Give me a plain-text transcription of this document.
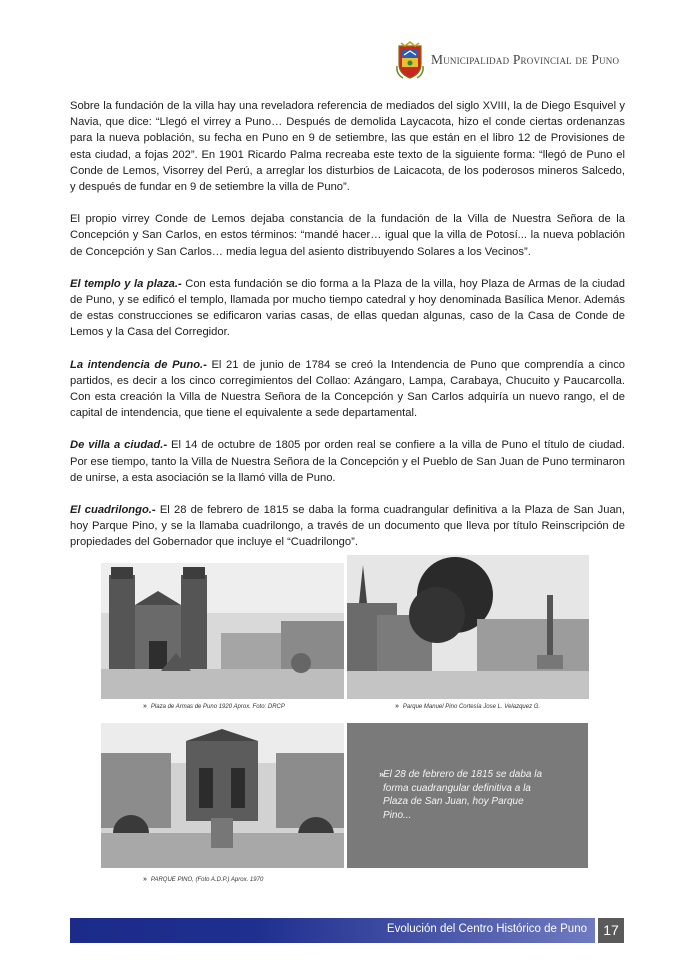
Municipalidad Provincial de Puno

Sobre la fundación de la villa hay una reveladora referencia de mediados del siglo XVIII, la de Diego Esquivel y Navia, que dice: “Llegó el virrey a Puno… Después de demolida Laycacota, hizo el conde ciertas ordenanzas para la nueva población, su fecha en Puno en 9 de setiembre, las que están en el libro 12 de Provisiones de esta ciudad, a fojas 202”. En 1901 Ricardo Palma recreaba este texto de la siguiente forma: “llegó de Puno el Conde de Lemos, Visorrey del Perú, a arreglar los disturbios de Laicacota, de los poderosos mineros Salcedo, y después de fundar en 9 de setiembre la villa de Puno”.

El propio virrey Conde de Lemos dejaba constancia de la fundación de la Villa de Nuestra Señora de la Concepción y San Carlos, en estos términos: “mandé hacer… igual que la villa de Potosí... la nueva población de Concepción y San Carlos… media legua del asiento distribuyendo Solares a los Vecinos”.

El templo y la plaza.- Con esta fundación se dio forma a la Plaza de la villa, hoy Plaza de Armas de la ciudad de Puno, y se edificó el templo, llamada por mucho tiempo catedral y hoy denominada Basílica Menor. Además de estas construcciones se edificaron varias casas, de ellas quedan algunas, caso de la Casa de Conde de Lemos y la Casa del Corregidor.

La intendencia de Puno.- El 21 de junio de 1784 se creó la Intendencia de Puno que comprendía a cinco partidos, es decir a los cinco corregimientos del Collao: Azángaro, Lampa, Carabaya, Chucuito y Paucarcolla. Con esta creación la Villa de Nuestra Señora de la Concepción y San Carlos adquiría un nuevo rango, el de capital de intendencia, que tiene el equivalente a sede departamental.

De villa a ciudad.- El 14 de octubre de 1805 por orden real se confiere a la villa de Puno el título de ciudad. Por ese tiempo, tanto la Villa de Nuestra Señora de la Concepción y el Pueblo de San Juan de Puno terminaron de unirse, a esta asociación se la llamó villa de Puno.

El cuadrilongo.- El 28 de febrero de 1815 se daba la forma cuadrangular definitiva a la Plaza de San Juan, hoy Parque Pino, y se la llamaba cuadrilongo, a través de un documento que lleva por título Reinscripción de propiedades del Gobernador que incluye el “Cuadrilongo”.

» Plaza de Armas de Puno 1920 Aprox. Foto: DRCP	» Parque Manuel Pino Cortesía Jose L. Velazquez G.
» PARQUE PINO, (Foto A.D.P.) Aprox. 1970
»
El 28 de febrero de 1815 se daba la forma cuadrangular definitiva a la Plaza de San Juan, hoy Parque Pino...
Evolución del Centro Histórico de Puno	17
